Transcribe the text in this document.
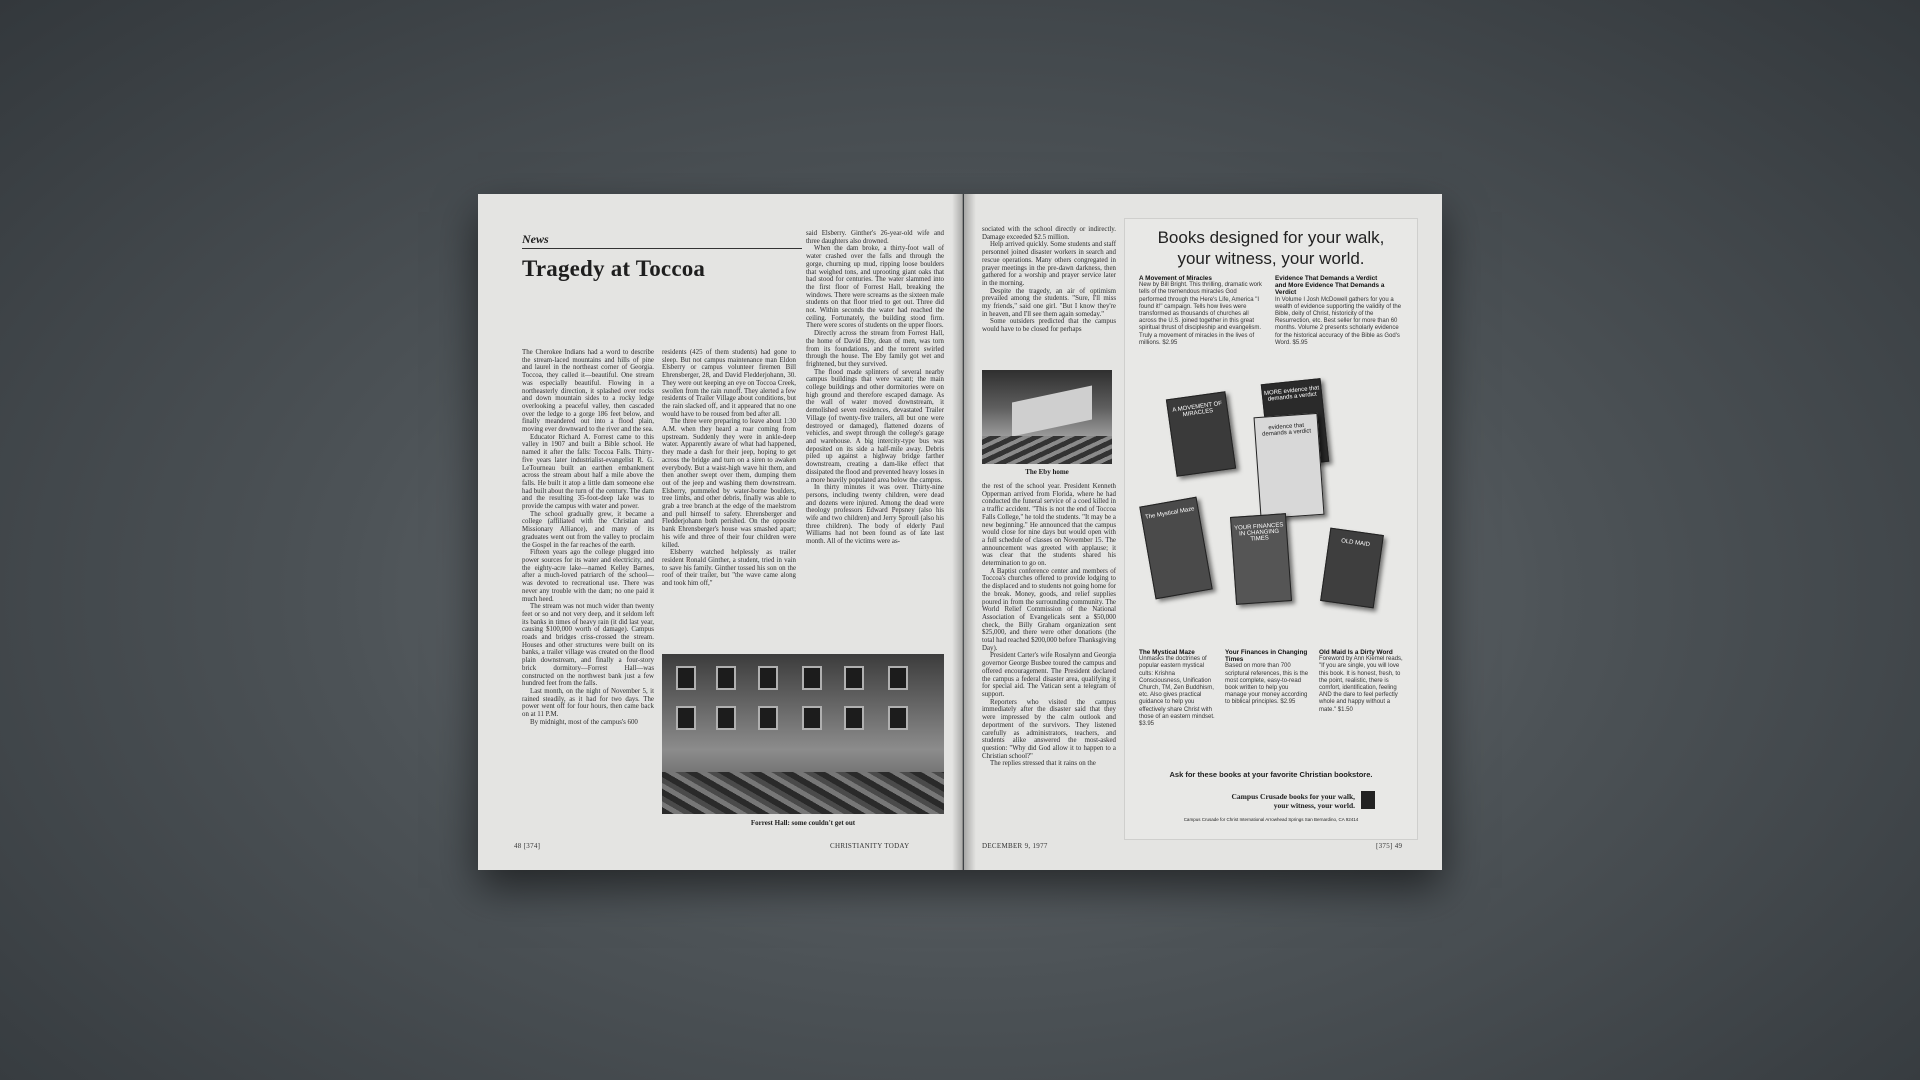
News
Tragedy at Toccoa

The Cherokee Indians had a word to describe the stream-laced mountains and hills of pine and laurel in the northeast corner of Georgia. Toccoa, they called it—beautiful. One stream was especially beautiful. Flowing in a northeasterly direction, it splashed over rocks and down mountain sides to a rocky ledge overlooking a peaceful valley, then cascaded over the ledge to a gorge 186 feet below, and finally meandered out into a flood plain, moving ever downward to the river and the sea.

Educator Richard A. Forrest came to this valley in 1907 and built a Bible school. He named it after the falls: Toccoa Falls. Thirty-five years later industrialist-evangelist R. G. LeTourneau built an earthen embankment across the stream about half a mile above the falls. He built it atop a little dam someone else had built about the turn of the century. The dam and the resulting 35-foot-deep lake was to provide the campus with water and power.

The school gradually grew, it became a college (affiliated with the Christian and Missionary Alliance), and many of its graduates went out from the valley to proclaim the Gospel in the far reaches of the earth.

Fifteen years ago the college plugged into power sources for its water and electricity, and the eighty-acre lake—named Kelley Barnes, after a much-loved patriarch of the school—was devoted to recreational use. There was never any trouble with the dam; no one paid it much heed.

The stream was not much wider than twenty feet or so and not very deep, and it seldom left its banks in times of heavy rain (it did last year, causing $100,000 worth of damage). Campus roads and bridges criss-crossed the stream. Houses and other structures were built on its banks, a trailer village was created on the flood plain downstream, and finally a four-story brick dormitory—Forrest Hall—was constructed on the northwest bank just a few hundred feet from the falls.

Last month, on the night of November 5, it rained steadily, as it had for two days. The power went off for four hours, then came back on at 11 P.M.

By midnight, most of the campus's 600

residents (425 of them students) had gone to sleep. But not campus maintenance man Eldon Elsberry or campus volunteer firemen Bill Ehrensberger, 28, and David Fledderjohann, 30. They were out keeping an eye on Toccoa Creek, swollen from the rain runoff. They alerted a few residents of Trailer Village about conditions, but the rain slacked off, and it appeared that no one would have to be roused from bed after all.

The three were preparing to leave about 1:30 A.M. when they heard a roar coming from upstream. Suddenly they were in ankle-deep water. Apparently aware of what had happened, they made a dash for their jeep, hoping to get across the bridge and turn on a siren to awaken everybody. But a waist-high wave hit them, and then another swept over them, dumping them out of the jeep and washing them downstream. Elsberry, pummeled by water-borne boulders, tree limbs, and other debris, finally was able to grab a tree branch at the edge of the maelstrom and pull himself to safety. Ehrensberger and Fledderjohann both perished. On the opposite bank Ehrensberger's house was smashed apart; his wife and three of their four children were killed.

Elsberry watched helplessly as trailer resident Ronald Ginther, a student, tried in vain to save his family. Ginther tossed his son on the roof of their trailer, but "the wave came along and took him off,"

said Elsberry. Ginther's 26-year-old wife and three daughters also drowned.

When the dam broke, a thirty-foot wall of water crashed over the falls and through the gorge, churning up mud, ripping loose boulders that weighed tons, and uprooting giant oaks that had stood for centuries. The water slammed into the first floor of Forrest Hall, breaking the windows. There were screams as the sixteen male students on that floor tried to get out. Three did not. Within seconds the water had reached the ceiling. Fortunately, the building stood firm. There were scores of students on the upper floors.

Directly across the stream from Forrest Hall, the home of David Eby, dean of men, was torn from its foundations, and the torrent swirled through the house. The Eby family got wet and frightened, but they survived.

The flood made splinters of several nearby campus buildings that were vacant; the main college buildings and other dormitories were on high ground and therefore escaped damage. As the wall of water moved downstream, it demolished seven residences, devastated Trailer Village (of twenty-five trailers, all but one were destroyed or damaged), flattened dozens of vehicles, and swept through the college's garage and warehouse. A big intercity-type bus was deposited on its side a half-mile away. Debris piled up against a highway bridge farther downstream, creating a dam-like effect that dissipated the flood and prevented heavy losses in a more heavily populated area below the campus.

In thirty minutes it was over. Thirty-nine persons, including twenty children, were dead and dozens were injured. Among the dead were theology professors Edward Pepsney (also his wife and two children) and Jerry Sproull (also his three children). The body of elderly Paul Williams had not been found as of late last month. All of the victims were as-

Forrest Hall: some couldn't get out
48 [374]	CHRISTIANITY TODAY

sociated with the school directly or indirectly. Damage exceeded $2.5 million.

Help arrived quickly. Some students and staff personnel joined disaster workers in search and rescue operations. Many others congregated in prayer meetings in the pre-dawn darkness, then gathered for a worship and prayer service later in the morning.

Despite the tragedy, an air of optimism prevailed among the students. "Sure, I'll miss my friends," said one girl. "But I know they're in heaven, and I'll see them again someday."

Some outsiders predicted that the campus would have to be closed for perhaps

The Eby home

the rest of the school year. President Kenneth Opperman arrived from Florida, where he had conducted the funeral service of a coed killed in a traffic accident. "This is not the end of Toccoa Falls College," he told the students. "It may be a new beginning." He announced that the campus would close for nine days but would open with a full schedule of classes on November 15. The announcement was greeted with applause; it was clear that the students shared his determination to go on.

A Baptist conference center and members of Toccoa's churches offered to provide lodging to the displaced and to students not going home for the break. Money, goods, and relief supplies poured in from the surrounding community. The World Relief Commission of the National Association of Evangelicals sent a $50,000 check, the Billy Graham organization sent $25,000, and there were other donations (the total had reached $200,000 before Thanksgiving Day).

President Carter's wife Rosalynn and Georgia governor George Busbee toured the campus and offered encouragement. The President declared the campus a federal disaster area, qualifying it for special aid. The Vatican sent a telegram of support.

Reporters who visited the campus immediately after the disaster said that they were impressed by the calm outlook and deportment of the survivors. They listened carefully as administrators, teachers, and students alike answered the most-asked question: "Why did God allow it to happen to a Christian school?"

The replies stressed that it rains on the

Books designed for your walk,
your witness, your world.
A Movement of Miracles
New by Bill Bright. This thrilling, dramatic work tells of the tremendous miracles God performed through the Here's Life, America "I found it!" campaign. Tells how lives were transformed as thousands of churches all across the U.S. joined together in this great spiritual thrust of discipleship and evangelism. Truly a movement of miracles in the lives of millions. $2.95
Evidence That Demands a Verdict
and More Evidence That Demands a Verdict
In Volume I Josh McDowell gathers for you a wealth of evidence supporting the validity of the Bible, deity of Christ, historicity of the Resurrection, etc. Best seller for more than 60 months. Volume 2 presents scholarly evidence for the historical accuracy of the Bible as God's Word. $5.95
MORE evidence that demands a verdict
evidence that demands a verdict
A MOVEMENT OF MIRACLES
The Mystical Maze
YOUR FINANCES IN CHANGING TIMES	OLD MAID
The Mystical Maze
Unmasks the doctrines of popular eastern mystical cults: Krishna Consciousness, Unification Church, TM, Zen Buddhism, etc. Also gives practical guidance to help you effectively share Christ with those of an eastern mindset. $3.95
Your Finances in Changing Times
Based on more than 700 scriptural references, this is the most complete, easy-to-read book written to help you manage your money according to biblical principles. $2.95
Old Maid Is a Dirty Word
Foreword by Ann Kiemel reads, "If you are single, you will love this book. It is honest, fresh, to the point, realistic, there is comfort, identification, feeling AND the dare to feel perfectly whole and happy without a mate." $1.50
Ask for these books at your favorite Christian bookstore.
Campus Crusade books for your walk,
your witness, your world.
Campus Crusade for Christ International Arrowhead Springs San Bernardino, CA 92414
DECEMBER 9, 1977	[375] 49
